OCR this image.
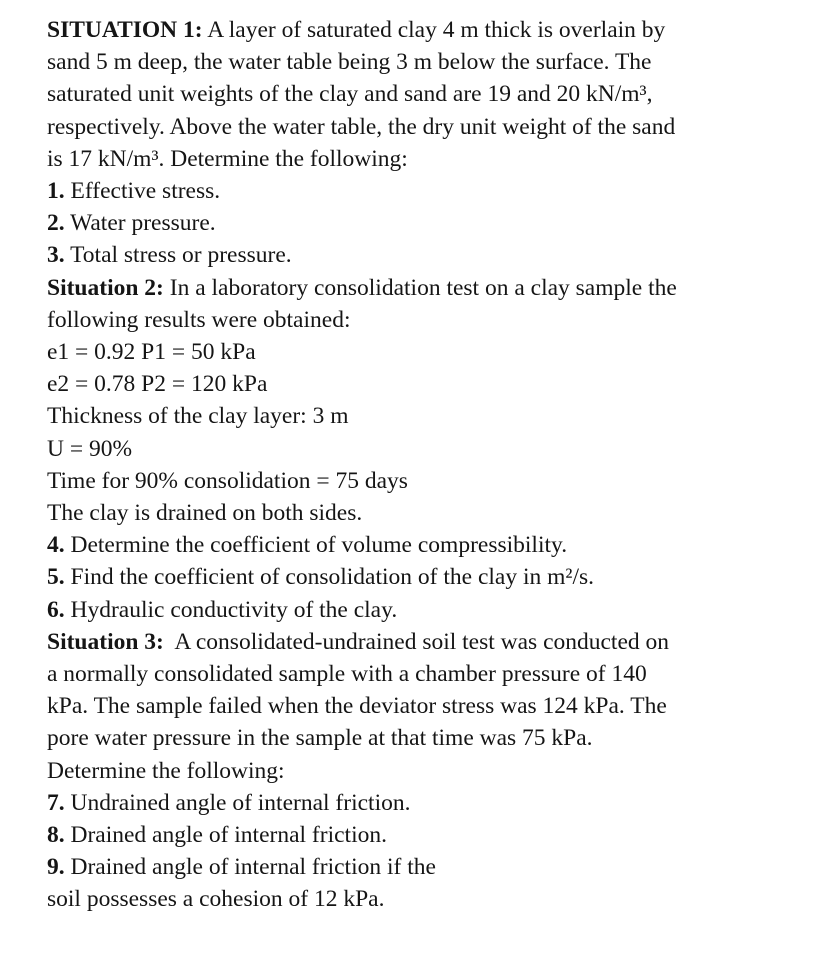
SITUATION 1: A layer of saturated clay 4 m thick is overlain by
sand 5 m deep, the water table being 3 m below the surface. The
saturated unit weights of the clay and sand are 19 and 20 kN/m³,
respectively. Above the water table, the dry unit weight of the sand
is 17 kN/m³. Determine the following:
1. Effective stress.
2. Water pressure.
3. Total stress or pressure.
Situation 2: In a laboratory consolidation test on a clay sample the
following results were obtained:
e1 = 0.92 P1 = 50 kPa
e2 = 0.78 P2 = 120 kPa
Thickness of the clay layer: 3 m
U = 90%
Time for 90% consolidation = 75 days
The clay is drained on both sides.
4. Determine the coefficient of volume compressibility.
5. Find the coefficient of consolidation of the clay in m²/s.
6. Hydraulic conductivity of the clay.
Situation 3:  A consolidated-undrained soil test was conducted on
a normally consolidated sample with a chamber pressure of 140
kPa. The sample failed when the deviator stress was 124 kPa. The
pore water pressure in the sample at that time was 75 kPa.
Determine the following:
7. Undrained angle of internal friction.
8. Drained angle of internal friction.
9. Drained angle of internal friction if the
soil possesses a cohesion of 12 kPa.
